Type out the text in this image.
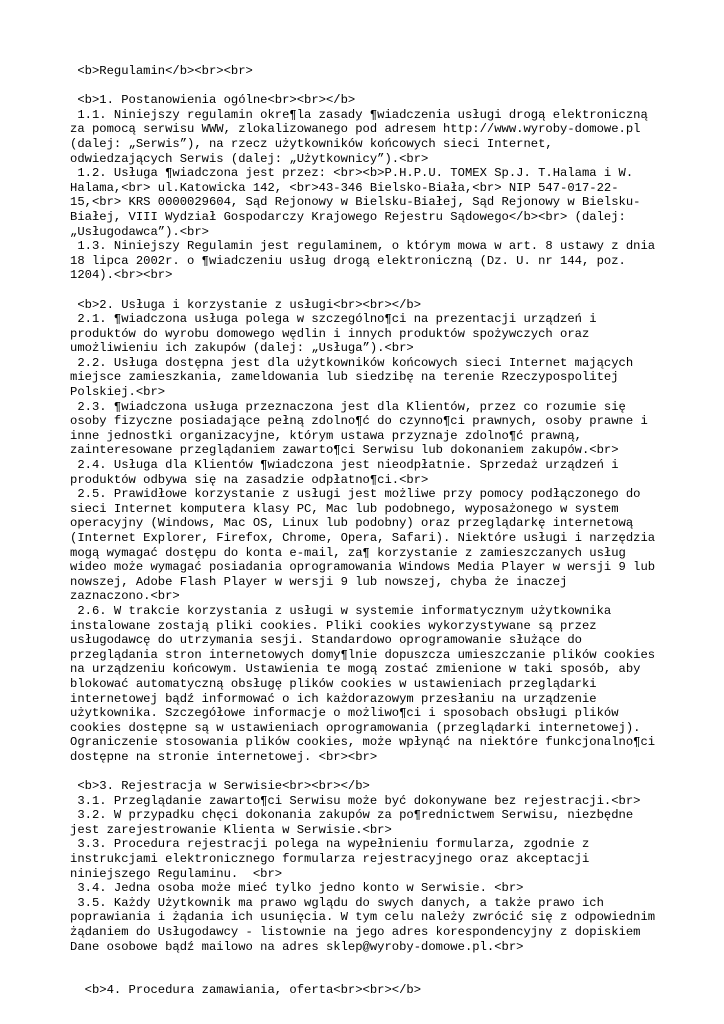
<b>Regulamin</b><br><br>

<b>1. Postanowienia ogólne<br><br></b>
1.1. Niniejszy regulamin okre¶la zasady ¶wiadczenia usługi drogą elektroniczną
za pomocą serwisu WWW, zlokalizowanego pod adresem http://www.wyroby-domowe.pl
(dalej: „Serwis”), na rzecz użytkowników końcowych sieci Internet,
odwiedzających Serwis (dalej: „Użytkownicy”).<br>
1.2. Usługa ¶wiadczona jest przez: <br><b>P.H.P.U. TOMEX Sp.J. T.Halama i W.
Halama,<br> ul.Katowicka 142, <br>43-346 Bielsko-Biała,<br> NIP 547-017-22-
15,<br> KRS 0000029604, Sąd Rejonowy w Bielsku-Białej, Sąd Rejonowy w Bielsku-
Białej, VIII Wydział Gospodarczy Krajowego Rejestru Sądowego</b><br> (dalej:
„Usługodawca”).<br>
1.3. Niniejszy Regulamin jest regulaminem, o którym mowa w art. 8 ustawy z dnia
18 lipca 2002r. o ¶wiadczeniu usług drogą elektroniczną (Dz. U. nr 144, poz.
1204).<br><br>

<b>2. Usługa i korzystanie z usługi<br><br></b>
2.1. ¶wiadczona usługa polega w szczególno¶ci na prezentacji urządzeń i
produktów do wyrobu domowego wędlin i innych produktów spożywczych oraz
umożliwieniu ich zakupów (dalej: „Usługa”).<br>
2.2. Usługa dostępna jest dla użytkowników końcowych sieci Internet mających
miejsce zamieszkania, zameldowania lub siedzibę na terenie Rzeczypospolitej
Polskiej.<br>
2.3. ¶wiadczona usługa przeznaczona jest dla Klientów, przez co rozumie się
osoby fizyczne posiadające pełną zdolno¶ć do czynno¶ci prawnych, osoby prawne i
inne jednostki organizacyjne, którym ustawa przyznaje zdolno¶ć prawną,
zainteresowane przeglądaniem zawarto¶ci Serwisu lub dokonaniem zakupów.<br>
2.4. Usługa dla Klientów ¶wiadczona jest nieodpłatnie. Sprzedaż urządzeń i
produktów odbywa się na zasadzie odpłatno¶ci.<br>
2.5. Prawidłowe korzystanie z usługi jest możliwe przy pomocy podłączonego do
sieci Internet komputera klasy PC, Mac lub podobnego, wyposażonego w system
operacyjny (Windows, Mac OS, Linux lub podobny) oraz przeglądarkę internetową
(Internet Explorer, Firefox, Chrome, Opera, Safari). Niektóre usługi i narzędzia
mogą wymagać dostępu do konta e-mail, za¶ korzystanie z zamieszczanych usług
wideo może wymagać posiadania oprogramowania Windows Media Player w wersji 9 lub
nowszej, Adobe Flash Player w wersji 9 lub nowszej, chyba że inaczej
zaznaczono.<br>
2.6. W trakcie korzystania z usługi w systemie informatycznym użytkownika
instalowane zostają pliki cookies. Pliki cookies wykorzystywane są przez
usługodawcę do utrzymania sesji. Standardowo oprogramowanie służące do
przeglądania stron internetowych domy¶lnie dopuszcza umieszczanie plików cookies
na urządzeniu końcowym. Ustawienia te mogą zostać zmienione w taki sposób, aby
blokować automatyczną obsługę plików cookies w ustawieniach przeglądarki
internetowej bądź informować o ich każdorazowym przesłaniu na urządzenie
użytkownika. Szczegółowe informacje o możliwo¶ci i sposobach obsługi plików
cookies dostępne są w ustawieniach oprogramowania (przeglądarki internetowej).
Ograniczenie stosowania plików cookies, może wpłynąć na niektóre funkcjonalno¶ci
dostępne na stronie internetowej. <br><br>

<b>3. Rejestracja w Serwisie<br><br></b>
3.1. Przeglądanie zawarto¶ci Serwisu może być dokonywane bez rejestracji.<br>
3.2. W przypadku chęci dokonania zakupów za po¶rednictwem Serwisu, niezbędne
jest zarejestrowanie Klienta w Serwisie.<br>
3.3. Procedura rejestracji polega na wypełnieniu formularza, zgodnie z
instrukcjami elektronicznego formularza rejestracyjnego oraz akceptacji
niniejszego Regulaminu.  <br>
3.4. Jedna osoba może mieć tylko jedno konto w Serwisie. <br>
3.5. Każdy Użytkownik ma prawo wglądu do swych danych, a także prawo ich
poprawiania i żądania ich usunięcia. W tym celu należy zwrócić się z odpowiednim
żądaniem do Usługodawcy - listownie na jego adres korespondencyjny z dopiskiem
Dane osobowe bądź mailowo na adres sklep@wyroby-domowe.pl.<br>

<b>4. Procedura zamawiania, oferta<br><br></b>
